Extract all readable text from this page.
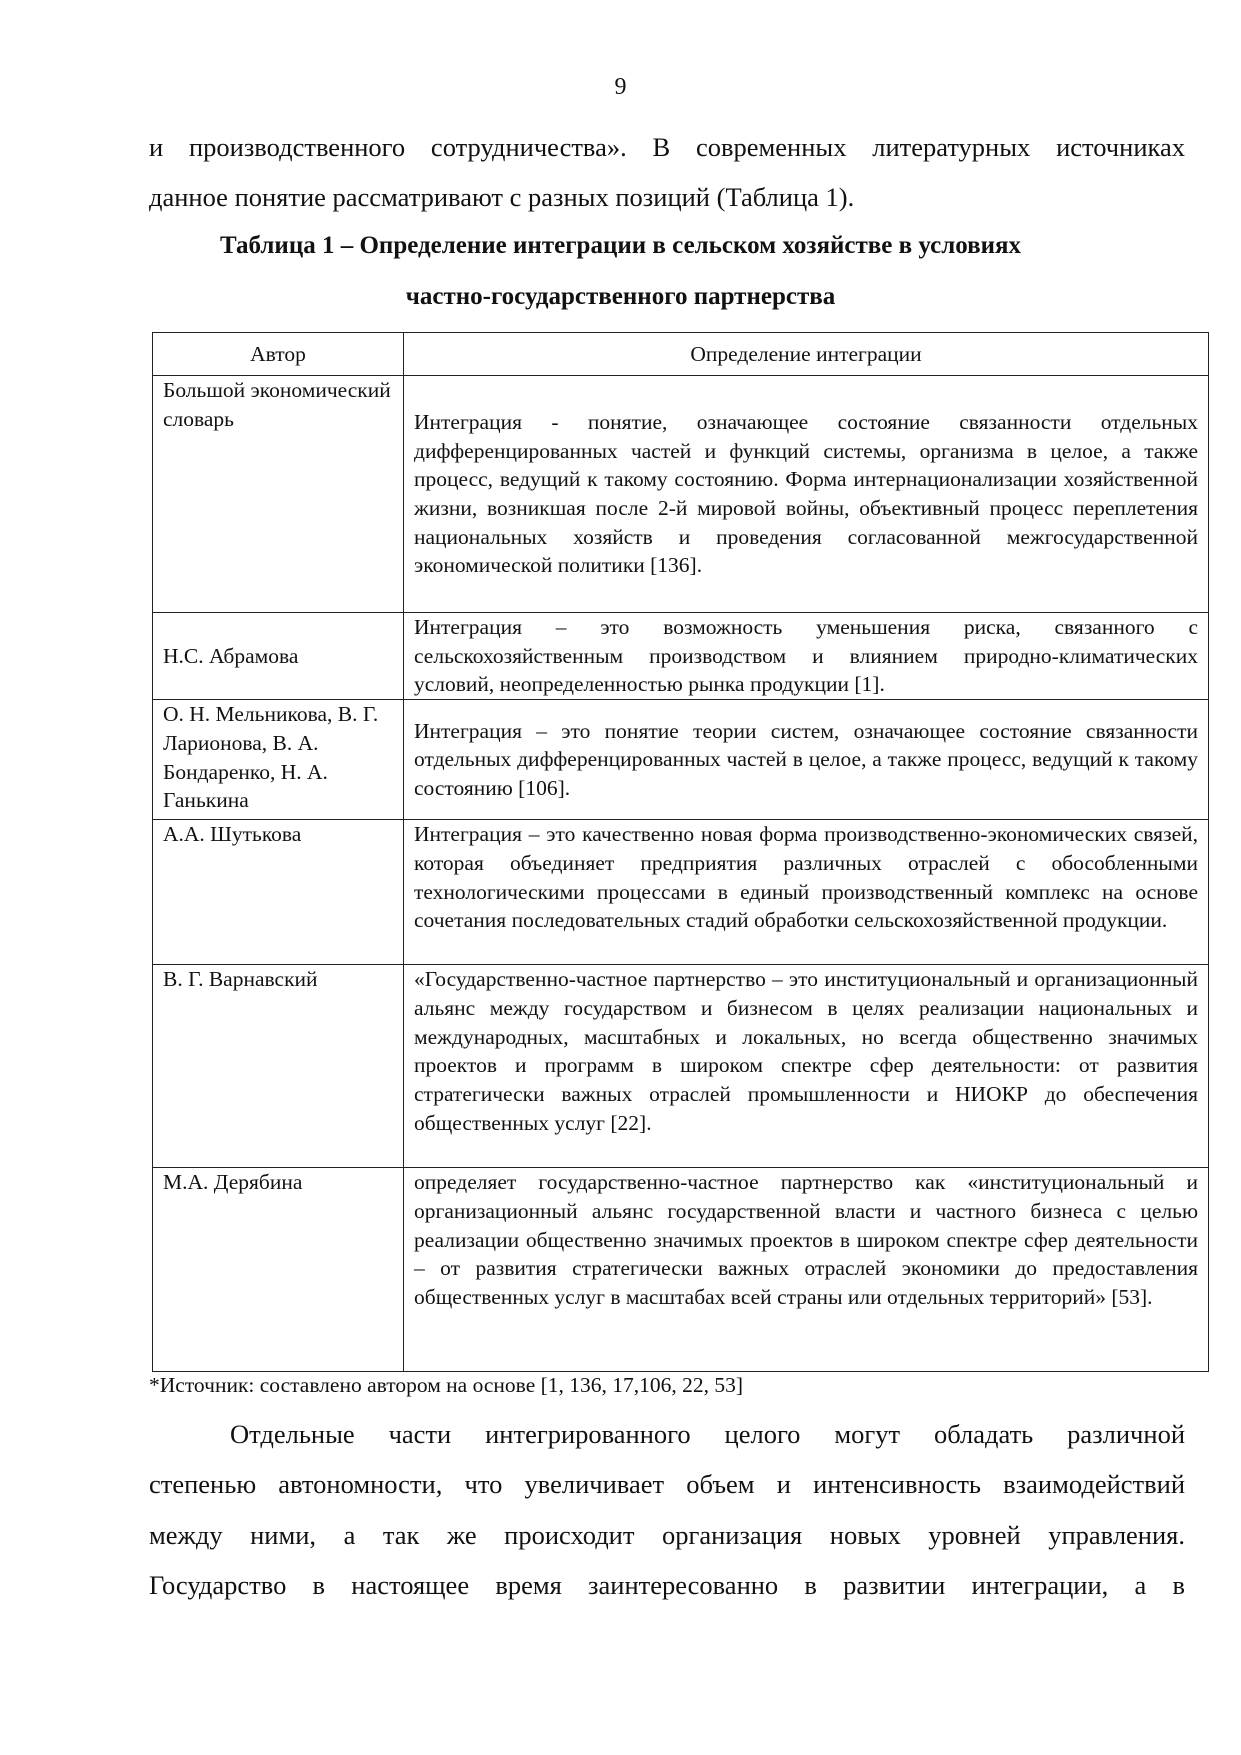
9
и производственного сотрудничества». В современных литературных источниках
данное понятие рассматривают с разных позиций (Таблица 1).
Таблица 1 – Определение интеграции в сельском хозяйстве в условиях
частно-государственного партнерства
Автор	Определение интеграции
Большой экономический словарь	Интеграция - понятие, означающее состояние связанности отдельных дифференцированных частей и функций системы, организма в целое, а также процесс, ведущий к такому состоянию. Форма интернационализации хозяйственной жизни, возникшая после 2-й мировой войны, объективный процесс переплетения национальных хозяйств и проведения согласованной межгосударственной экономической политики [136].
Н.С. Абрамова	Интеграция – это возможность уменьшения риска, связанного с сельскохозяйственным производством и влиянием природно-климатических условий, неопределенностью рынка продукции [1].
О. Н. Мельникова, В. Г. Ларионова, В. А. Бондаренко, Н. А. Ганькина	Интеграция – это понятие теории систем, означающее состояние связанности отдельных дифференцированных частей в целое, а также процесс, ведущий к такому состоянию [106].
А.А. Шутькова	Интеграция – это качественно новая форма производственно-экономических связей, которая объединяет предприятия различных отраслей с обособленными технологическими процессами в единый производственный комплекс на основе сочетания последовательных стадий обработки сельскохозяйственной продукции.
В. Г. Варнавский	«Государственно-частное партнерство – это институциональный и организационный альянс между государством и бизнесом в целях реализации национальных и международных, масштабных и локальных, но всегда общественно значимых проектов и программ в широком спектре сфер деятельности: от развития стратегически важных отраслей промышленности и НИОКР до обеспечения общественных услуг [22].
М.А. Дерябина	определяет государственно-частное партнерство как «институциональный и организационный альянс государственной власти и частного бизнеса с целью реализации общественно значимых проектов в широком спектре сфер деятельности – от развития стратегически важных отраслей экономики до предоставления общественных услуг в масштабах всей страны или отдельных территорий» [53].
*Источник: составлено автором на основе [1, 136, 17,106, 22, 53]
Отдельные части интегрированного целого могут обладать различной
степенью автономности, что увеличивает объем и интенсивность взаимодействий
между ними, а так же происходит организация новых уровней управления.
Государство в настоящее время заинтересованно в развитии интеграции, а в
